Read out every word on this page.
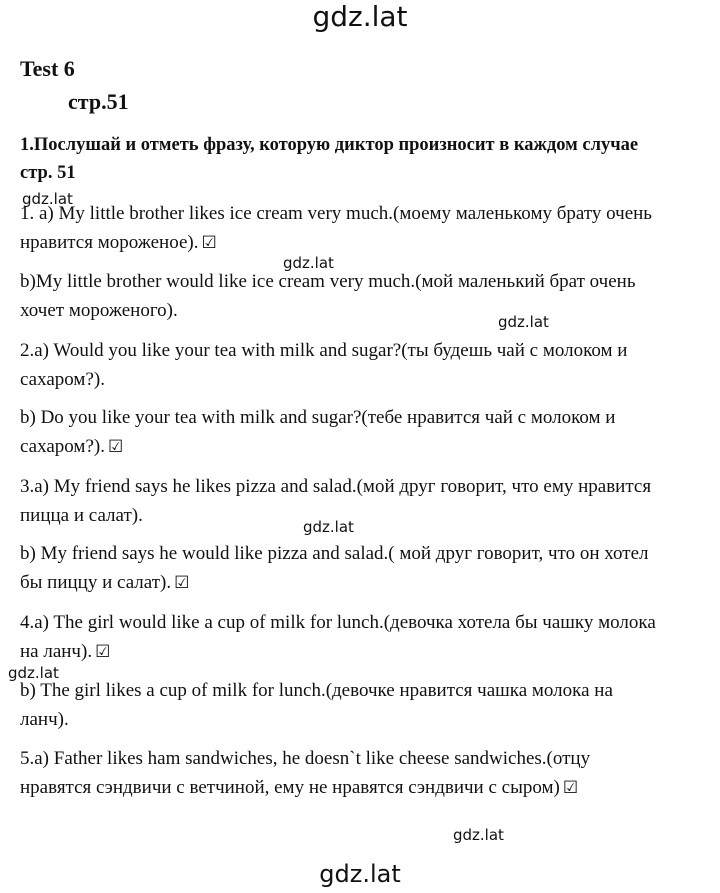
gdz.lat
Test 6
стр.51
1.Послушай и отметь фразу, которую диктор произносит в каждом случае стр. 51
gdz.lat
gdz.lat
gdz.lat
gdz.lat
gdz.lat
gdz.lat
1. a) My little brother likes ice cream very much.(моему маленькому брату очень нравится мороженое). ☑
b)My little brother would like ice cream very much.(мой маленький брат очень хочет мороженого).
2.a) Would you like your tea with milk and sugar?(ты будешь чай с молоком и сахаром?).
b) Do you like your tea with milk and sugar?(тебе нравится чай с молоком и сахаром?). ☑
3.a) My friend says he likes pizza and salad.(мой друг говорит, что ему нравится пицца и салат).
b) My friend says he would like pizza and salad.( мой друг говорит, что он хотел бы пиццу и салат). ☑
4.a) The girl would like a cup of milk for lunch.(девочка хотела бы чашку молока на ланч). ☑
b) The girl likes a cup of milk for lunch.(девочке нравится чашка молока на ланч).
5.a) Father likes ham sandwiches, he doesn`t like cheese sandwiches.(отцу нравятся сэндвичи с ветчиной, ему не нравятся сэндвичи с сыром) ☑
gdz.lat
